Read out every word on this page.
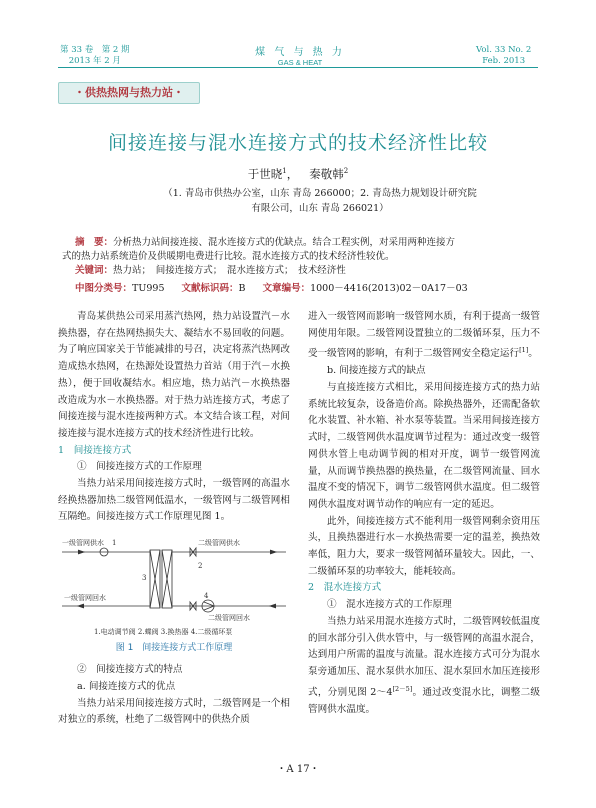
第 33 卷　第 2 期
2013 年 2 月
煤 气 与 热 力
GAS & HEAT
Vol. 33 No. 2
Feb. 2013
・供热热网与热力站・
间接连接与混水连接方式的技术经济性比较
于世晓$^1$， 秦敬韩$^2$
（1. 青岛市供热办公室，山东 青岛 266000；2. 青岛热力规划设计研究院
有限公司，山东 青岛 266021）
摘　要：分析热力站间接连接、混水连接方式的优缺点。结合工程实例，对采用两种连接方
式的热力站系统造价及供暖期电费进行比较。混水连接方式的技术经济性较优。
关键词：热力站；　间接连接方式；　混水连接方式；　技术经济性
中图分类号：TU995 文献标识码：B 文章编号：1000－4416(2013)02－0A17－03

青岛某供热公司采用蒸汽热网，热力站设置汽－水换热器，存在热网热损失大、凝结水不易回收的问题。为了响应国家关于节能减排的号召，决定将蒸汽热网改造成热水热网，在热源处设置热力首站（用于汽－水换热），便于回收凝结水。相应地，热力站汽－水换热器改造成为水－水换热器。对于热力站连接方式，考虑了间接连接与混水连接两种方式。本文结合该工程，对间接连接与混水连接方式的技术经济性进行比较。

1　间接连接方式

①　间接连接方式的工作原理

当热力站采用间接连接方式时，一级管网的高温水经换热器加热二级管网低温水，一级管网与二级管网相互隔绝。间接连接方式工作原理见图 1。

一级管网供水	二级管网供水
一级管网回水
二级管网回水
1
2
3
4
1.电动调节阀 2.蝶阀 3.换热器 4.二级循环泵
图 1　间接连接方式工作原理

②　间接连接方式的特点

a. 间接连接方式的优点

当热力站采用间接连接方式时，二级管网是一个相对独立的系统，杜绝了二级管网中的供热介质

进入一级管网而影响一级管网水质，有利于提高一级管网使用年限。二级管网设置独立的二级循环泵，压力不受一级管网的影响，有利于二级管网安全稳定运行[1]。

b. 间接连接方式的缺点

与直接连接方式相比，采用间接连接方式的热力站系统比较复杂，设备造价高。除换热器外，还需配备软化水装置、补水箱、补水泵等装置。当采用间接连接方式时，二级管网供水温度调节过程为：通过改变一级管网供水管上电动调节阀的相对开度，调节一级管网流量，从而调节换热器的换热量，在二级管网流量、回水温度不变的情况下，调节二级管网供水温度。但二级管网供水温度对调节动作的响应有一定的延迟。

此外，间接连接方式不能利用一级管网剩余资用压头，且换热器进行水－水换热需要一定的温差，换热效率低，阻力大，要求一级管网循环量较大。因此，一、二级循环泵的功率较大，能耗较高。

2　混水连接方式

①　混水连接方式的工作原理

当热力站采用混水连接方式时，二级管网较低温度的回水部分引入供水管中，与一级管网的高温水混合，达到用户所需的温度与流量。混水连接方式可分为混水泵旁通加压、混水泵供水加压、混水泵回水加压连接形式，分别见图 2～4[2－5]。通过改变混水比，调整二级管网供水温度。

・A 17・
